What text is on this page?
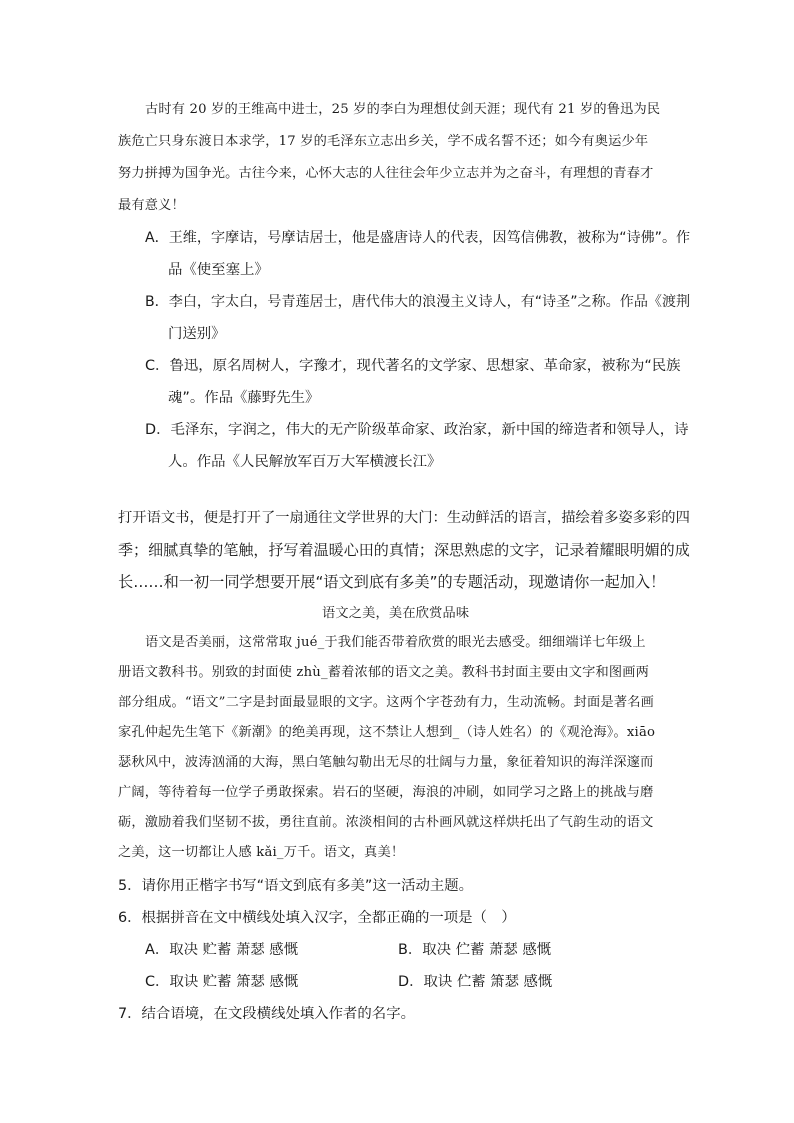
古时有 20 岁的王维高中进士，25 岁的李白为理想仗剑天涯；现代有 21 岁的鲁迅为民
族危亡只身东渡日本求学，17 岁的毛泽东立志出乡关，学不成名誓不还；如今有奥运少年
努力拼搏为国争光。古往今来，心怀大志的人往往会年少立志并为之奋斗，有理想的青春才
最有意义！
A．王维，字摩诘，号摩诘居士，他是盛唐诗人的代表，因笃信佛教，被称为“诗佛”。作
品《使至塞上》
B．李白，字太白，号青莲居士，唐代伟大的浪漫主义诗人，有“诗圣”之称。作品《渡荆
门送别》
C．鲁迅，原名周树人，字豫才，现代著名的文学家、思想家、革命家，被称为“民族
魂”。作品《藤野先生》
D．毛泽东，字润之，伟大的无产阶级革命家、政治家，新中国的缔造者和领导人，诗
人。作品《人民解放军百万大军横渡长江》
打开语文书，便是打开了一扇通往文学世界的大门：生动鲜活的语言，描绘着多姿多彩的四
季；细腻真挚的笔触，抒写着温暖心田的真情；深思熟虑的文字，记录着耀眼明媚的成
长……和一初一同学想要开展“语文到底有多美”的专题活动，现邀请你一起加入！
语文之美，美在欣赏品味
语文是否美丽，这常常取 jué_于我们能否带着欣赏的眼光去感受。细细端详七年级上
册语文教科书。别致的封面使 zhù_蓄着浓郁的语文之美。教科书封面主要由文字和图画两
部分组成。“语文”二字是封面最显眼的文字。这两个字苍劲有力，生动流畅。封面是著名画
家孔仲起先生笔下《新潮》的绝美再现，这不禁让人想到_（诗人姓名）的《观沧海》。xiāo
瑟秋风中，波涛汹涌的大海，黑白笔触勾勒出无尽的壮阔与力量，象征着知识的海洋深邃而
广阔，等待着每一位学子勇敢探索。岩石的坚硬，海浪的冲刷，如同学习之路上的挑战与磨
砺，激励着我们坚韧不拔，勇往直前。浓淡相间的古朴画风就这样烘托出了气韵生动的语文
之美，这一切都让人感 kǎi_万千。语文，真美！
5．请你用正楷字书写“语文到底有多美”这一活动主题。
6．根据拼音在文中横线处填入汉字，全都正确的一项是（　）
A．取决 贮蓄 萧瑟 感慨	B．取决 伫蓄 萧瑟 感慨
C．取诀 贮蓄 箫瑟 感慨	D．取诀 伫蓄 箫瑟 感慨
7．结合语境，在文段横线处填入作者的名字。
